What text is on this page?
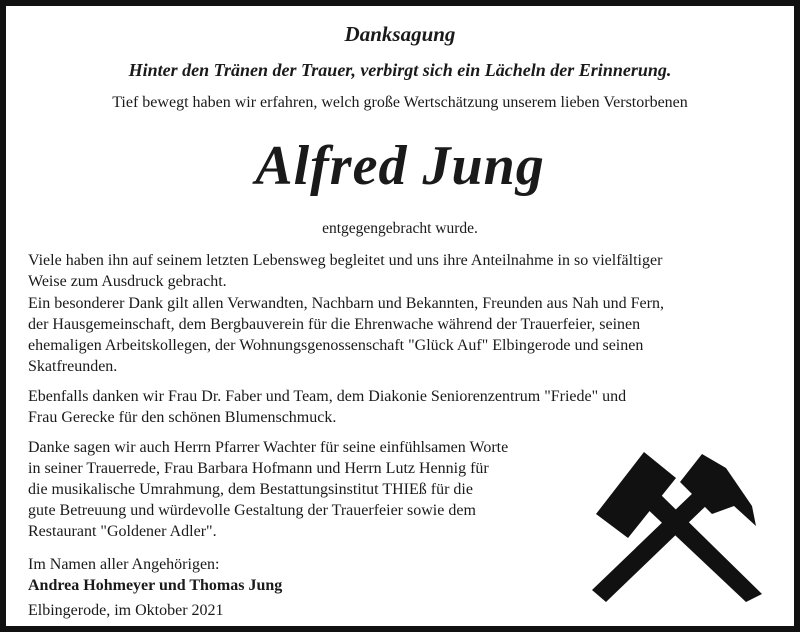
Danksagung
Hinter den Tränen der Trauer, verbirgt sich ein Lächeln der Erinnerung.
Tief bewegt haben wir erfahren, welch große Wertschätzung unserem lieben Verstorbenen
Alfred Jung
entgegengebracht wurde.
Viele haben ihn auf seinem letzten Lebensweg begleitet und uns ihre Anteilnahme in so vielfältiger
Weise zum Ausdruck gebracht.
Ein besonderer Dank gilt allen Verwandten, Nachbarn und Bekannten, Freunden aus Nah und Fern,
der Hausgemeinschaft, dem Bergbauverein für die Ehrenwache während der Trauerfeier, seinen
ehemaligen Arbeitskollegen, der Wohnungsgenossenschaft "Glück Auf" Elbingerode und seinen
Skatfreunden.
Ebenfalls danken wir Frau Dr. Faber und Team, dem Diakonie Seniorenzentrum "Friede" und
Frau Gerecke für den schönen Blumenschmuck.
Danke sagen wir auch Herrn Pfarrer Wachter für seine einfühlsamen Worte
in seiner Trauerrede, Frau Barbara Hofmann und Herrn Lutz Hennig für
die musikalische Umrahmung, dem Bestattungsinstitut THIEß für die
gute Betreuung und würdevolle Gestaltung der Trauerfeier sowie dem
Restaurant "Goldener Adler".
Im Namen aller Angehörigen:
Andrea Hohmeyer und Thomas Jung
Elbingerode, im Oktober 2021
